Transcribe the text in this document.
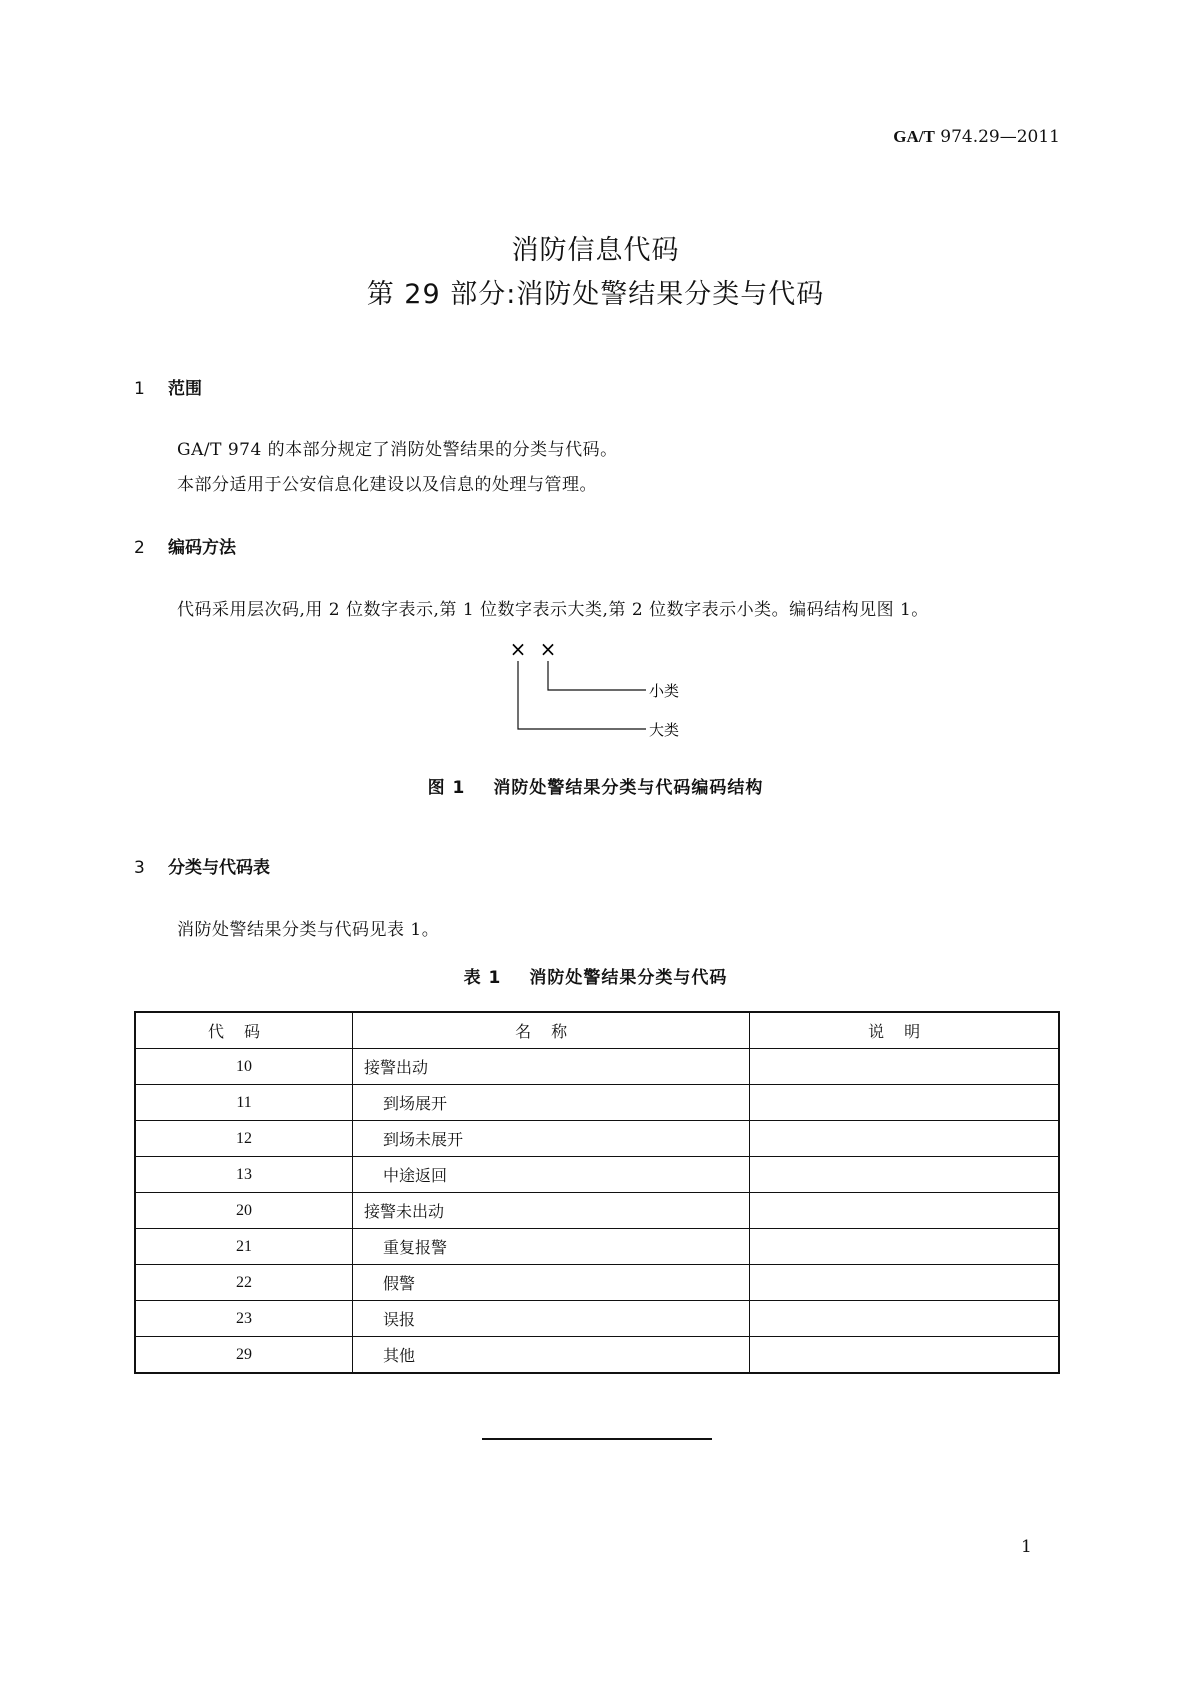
GA/T 974.29—2011
消防信息代码
第 29 部分:消防处警结果分类与代码
1 范围
GA/T 974 的本部分规定了消防处警结果的分类与代码。
本部分适用于公安信息化建设以及信息的处理与管理。
2 编码方法
代码采用层次码,用 2 位数字表示,第 1 位数字表示大类,第 2 位数字表示小类。编码结构见图 1。
× ×
小类
大类
图 1 消防处警结果分类与代码编码结构
3 分类与代码表
消防处警结果分类与代码见表 1。
表 1 消防处警结果分类与代码
代码	名称	说明
10	接警出动	
11	到场展开	
12	到场未展开	
13	中途返回	
20	接警未出动	
21	重复报警	
22	假警	
23	误报	
29	其他	
1
